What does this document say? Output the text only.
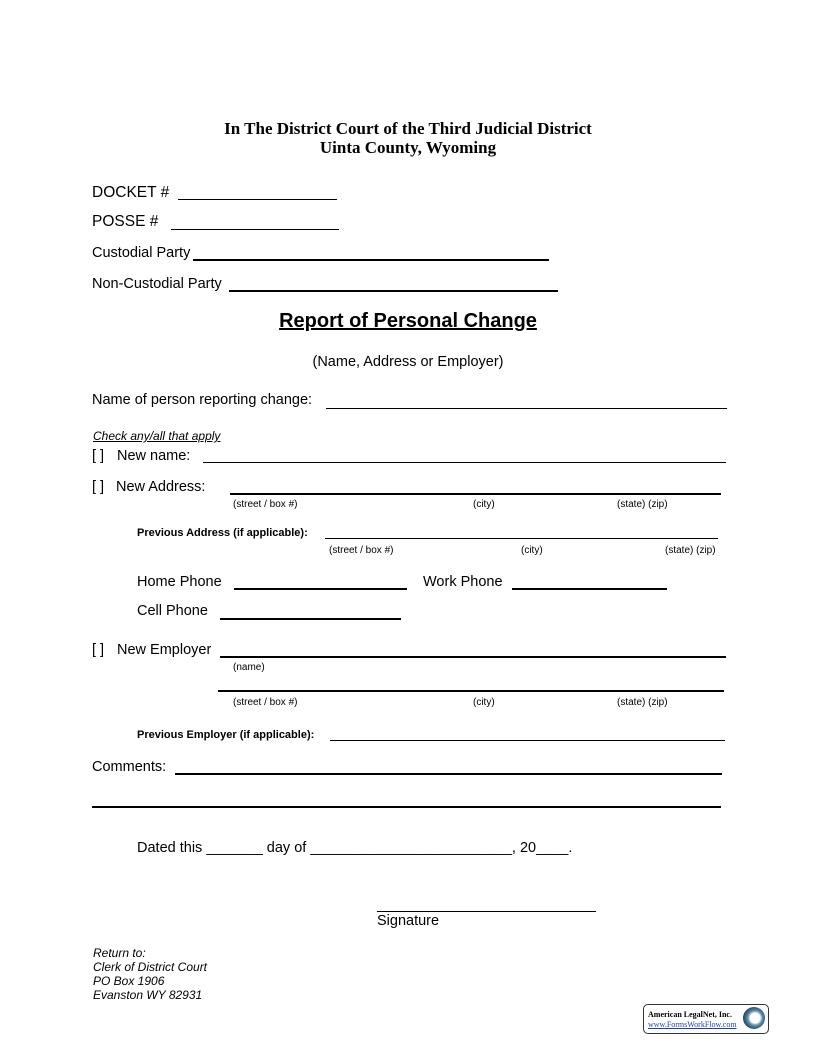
In The District Court of the Third Judicial District
Uinta County, Wyoming
DOCKET #
POSSE #
Custodial Party
Non-Custodial Party
Report of Personal Change
(Name, Address or Employer)
Name of person reporting change:
Check any/all that apply
[ ] New name:
[ ] New Address:
(street / box #)	(city)	(state) (zip)
Previous Address (if applicable):
(street / box #)	(city)	(state) (zip)
Home Phone	Work Phone
Cell Phone
[ ] New Employer
(name)
(street / box #)	(city)	(state) (zip)
Previous Employer (if applicable):
Comments:
Dated this _______ day of _________________________, 20____.
Signature
Return to:
Clerk of District Court
PO Box 1906
Evanston WY 82931
American LegalNet, Inc.
www.FormsWorkFlow.com
